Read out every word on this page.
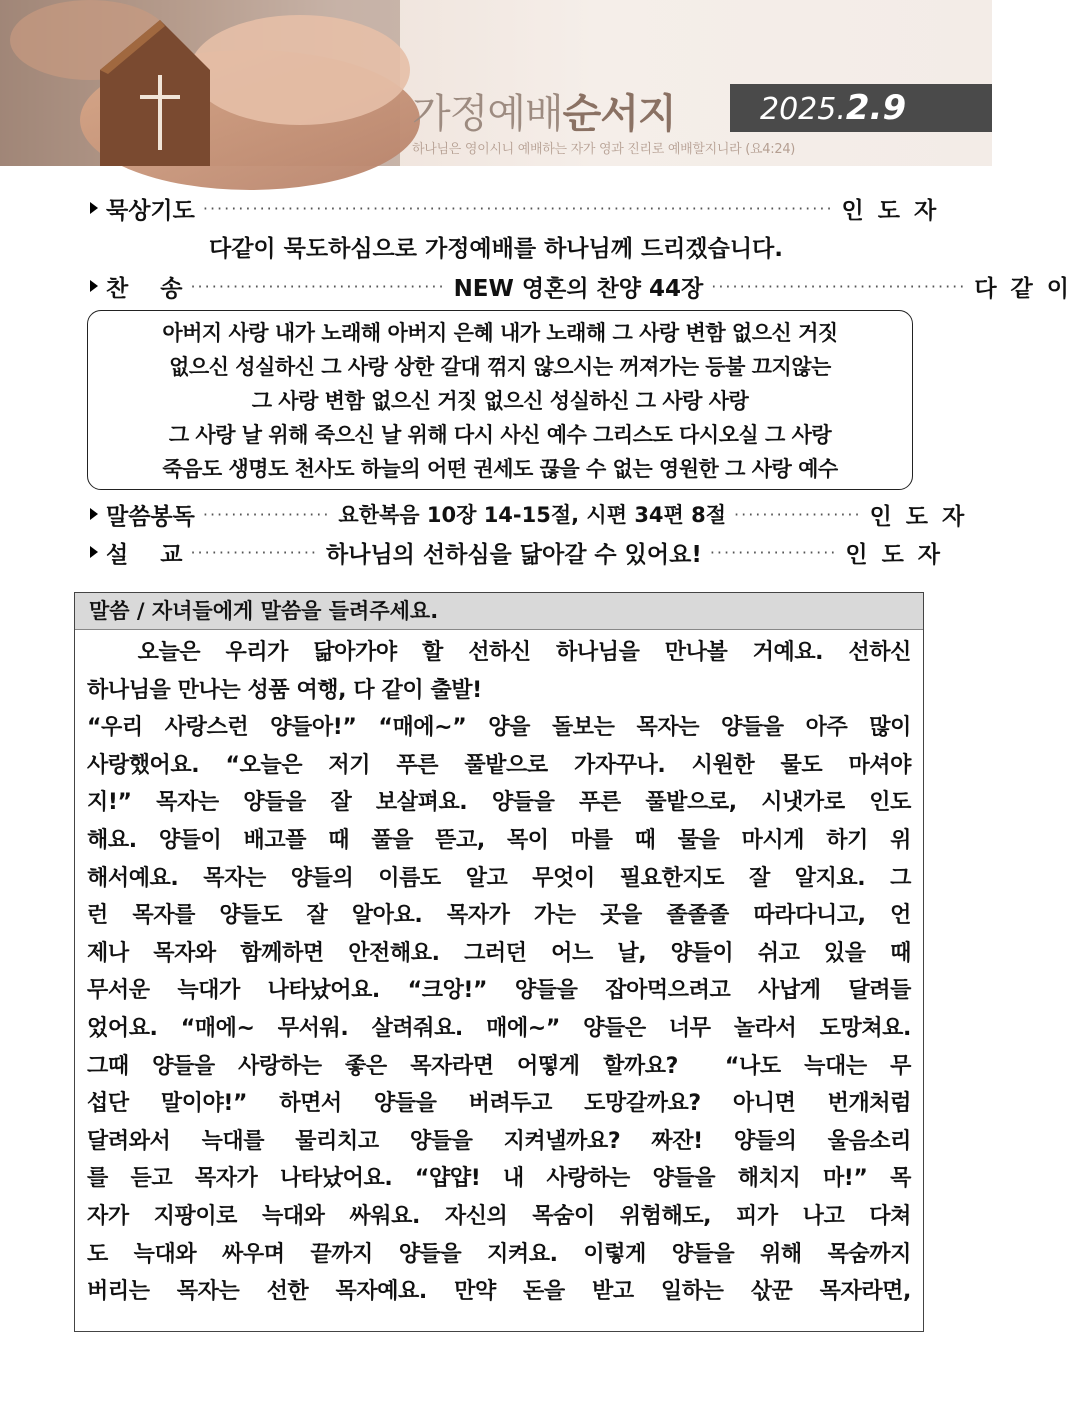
가정예배순서지	2025.2.9
하나님은 영이시니 예배하는 자가 영과 진리로 예배할지니라 (요4:24)
묵상기도 ························································································· 인도자
다같이 묵도하심으로 가정예배를 하나님께 드리겠습니다.
찬    송 ···································· NEW 영혼의 찬양 44장 ···································· 다같이
아버지 사랑 내가 노래해 아버지 은혜 내가 노래해 그 사랑 변함 없으신 거짓
없으신 성실하신 그 사랑 상한 갈대 꺾지 않으시는 꺼져가는 등불 끄지않는
그 사랑 변함 없으신 거짓 없으신 성실하신 그 사랑 사랑
그 사랑 날 위해 죽으신 날 위해 다시 사신 예수 그리스도 다시오실 그 사랑
죽음도 생명도 천사도 하늘의 어떤 권세도 끊을 수 없는 영원한 그 사랑 예수
말씀봉독 ·················· 요한복음 10장 14-15절, 시편 34편 8절 ·················· 인도자
설    교 ·················· 하나님의 선하심을 닮아갈 수 있어요! ·················· 인도자
말씀 / 자녀들에게 말씀을 들려주세요.
오늘은 우리가 닮아가야 할 선하신 하나님을 만나볼 거예요. 선하신
하나님을 만나는 성품 여행, 다 같이 출발!
“우리 사랑스런 양들아!” “매에~” 양을 돌보는 목자는 양들을 아주 많이
사랑했어요. “오늘은 저기 푸른 풀밭으로 가자꾸나. 시원한 물도 마셔야
지!” 목자는 양들을 잘 보살펴요. 양들을 푸른 풀밭으로, 시냇가로 인도
해요. 양들이 배고플 때 풀을 뜯고, 목이 마를 때 물을 마시게 하기 위
해서예요. 목자는 양들의 이름도 알고 무엇이 필요한지도 잘 알지요. 그
런 목자를 양들도 잘 알아요. 목자가 가는 곳을 졸졸졸 따라다니고, 언
제나 목자와 함께하면 안전해요. 그러던 어느 날, 양들이 쉬고 있을 때
무서운 늑대가 나타났어요. “크앙!” 양들을 잡아먹으려고 사납게 달려들
었어요. “매에~ 무서워. 살려줘요. 매에~” 양들은 너무 놀라서 도망쳐요.
그때 양들을 사랑하는 좋은 목자라면 어떻게 할까요?  “나도 늑대는 무
섭단 말이야!” 하면서 양들을 버려두고 도망갈까요? 아니면 번개처럼
달려와서 늑대를 물리치고 양들을 지켜낼까요? 짜잔! 양들의 울음소리
를 듣고 목자가 나타났어요. “얍얍! 내 사랑하는 양들을 해치지 마!” 목
자가 지팡이로 늑대와 싸워요. 자신의 목숨이 위험해도, 피가 나고 다쳐
도 늑대와 싸우며 끝까지 양들을 지켜요. 이렇게 양들을 위해 목숨까지
버리는 목자는 선한 목자예요. 만약 돈을 받고 일하는 삯꾼 목자라면,
